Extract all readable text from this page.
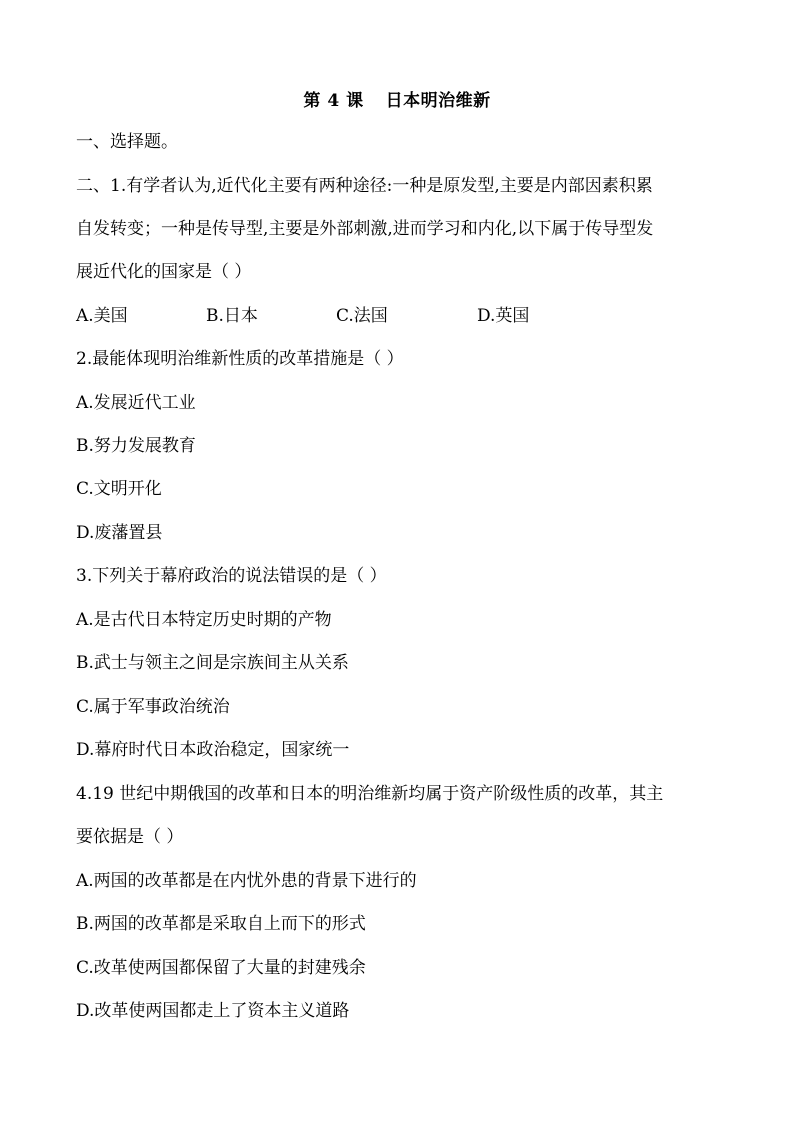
第 4 课 日本明治维新
一、选择题。
二、1.有学者认为,近代化主要有两种途径:一种是原发型,主要是内部因素积累
自发转变；一种是传导型,主要是外部刺激,进而学习和内化,以下属于传导型发
展近代化的国家是（ ）
A.美国	B.日本	C.法国	D.英国
2.最能体现明治维新性质的改革措施是（ ）
A.发展近代工业
B.努力发展教育
C.文明开化
D.废藩置县
3.下列关于幕府政治的说法错误的是（ ）
A.是古代日本特定历史时期的产物
B.武士与领主之间是宗族间主从关系
C.属于军事政治统治
D.幕府时代日本政治稳定，国家统一
4.19 世纪中期俄国的改革和日本的明治维新均属于资产阶级性质的改革，其主
要依据是（ ）
A.两国的改革都是在内忧外患的背景下进行的
B.两国的改革都是采取自上而下的形式
C.改革使两国都保留了大量的封建残余
D.改革使两国都走上了资本主义道路
